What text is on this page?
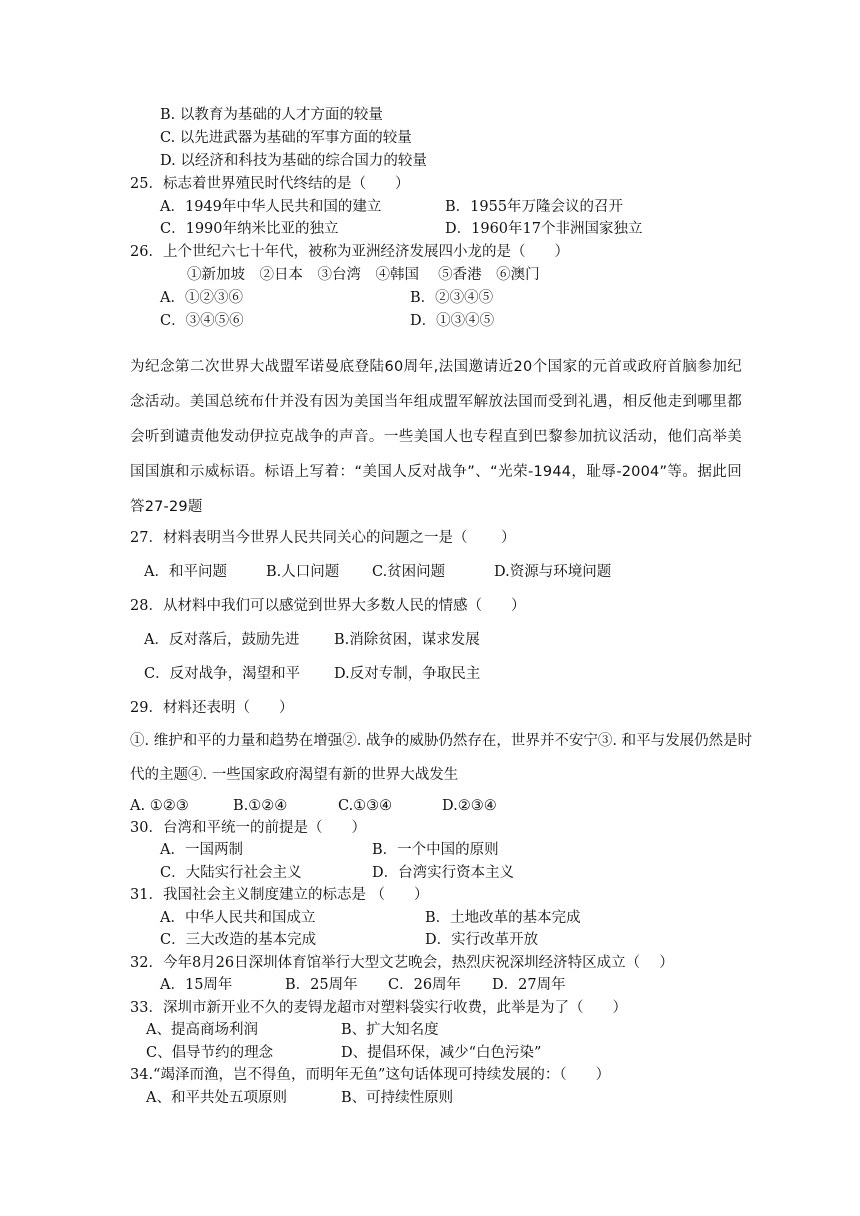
B. 以教育为基础的人才方面的较量
C. 以先进武器为基础的军事方面的较量
D. 以经济和科技为基础的综合国力的较量
25．标志着世界殖民时代终结的是（　　）
A．1949年中华人民共和国的建立	B．1955年万隆会议的召开
C．1990年纳米比亚的独立	D．1960年17个非洲国家独立
26．上个世纪六七十年代，被称为亚洲经济发展四小龙的是（　　）
①新加坡　②日本　③台湾　④韩国　 ⑤香港　⑥澳门
A．①②③⑥	B．②③④⑤
C．③④⑤⑥	D．①③④⑤
为纪念第二次世界大战盟军诺曼底登陆60周年,法国邀请近20个国家的元首或政府首脑参加纪念活动。美国总统布什并没有因为美国当年组成盟军解放法国而受到礼遇，相反他走到哪里都会听到谴责他发动伊拉克战争的声音。一些美国人也专程直到巴黎参加抗议活动，他们高举美国国旗和示威标语。标语上写着：“美国人反对战争”、“光荣-1944，耻辱-2004”等。据此回答27-29题
27．材料表明当今世界人民共同关心的问题之一是（　　 ）
A．和平问题	B.人口问题 C.贫困问题	D.资源与环境问题
28．从材料中我们可以感觉到世界大多数人民的情感（　　）
A．反对落后，鼓励先进 B.消除贫困，谋求发展
C．反对战争，渴望和平 D.反对专制，争取民主
29．材料还表明（　　）
①. 维护和平的力量和趋势在增强②. 战争的威胁仍然存在，世界并不安宁③. 和平与发展仍然是时
代的主题④. 一些国家政府渴望有新的世界大战发生
A. ①②③	B.①②④	C.①③④	D.②③④
30．台湾和平统一的前提是（　　）
A．一国两制	B．一个中国的原则
C．大陆实行社会主义	D．台湾实行资本主义
31．我国社会主义制度建立的标志是 （　　）
A．中华人民共和国成立	B．土地改革的基本完成
C．三大改造的基本完成	D．实行改革开放
32．今年8月26日深圳体育馆举行大型文艺晚会，热烈庆祝深圳经济特区成立（　 ）
A．15周年	B．25周年 C．26周年 D．27周年
33．深圳市新开业不久的麦锝龙超市对塑料袋实行收费，此举是为了（　　）
A、提高商场利润	B、扩大知名度
C、倡导节约的理念	D、提倡环保，减少“白色污染”
34.“竭泽而渔，岂不得鱼，而明年无鱼”这句话体现可持续发展的：（　　）
A、和平共处五项原则	B、可持续性原则
